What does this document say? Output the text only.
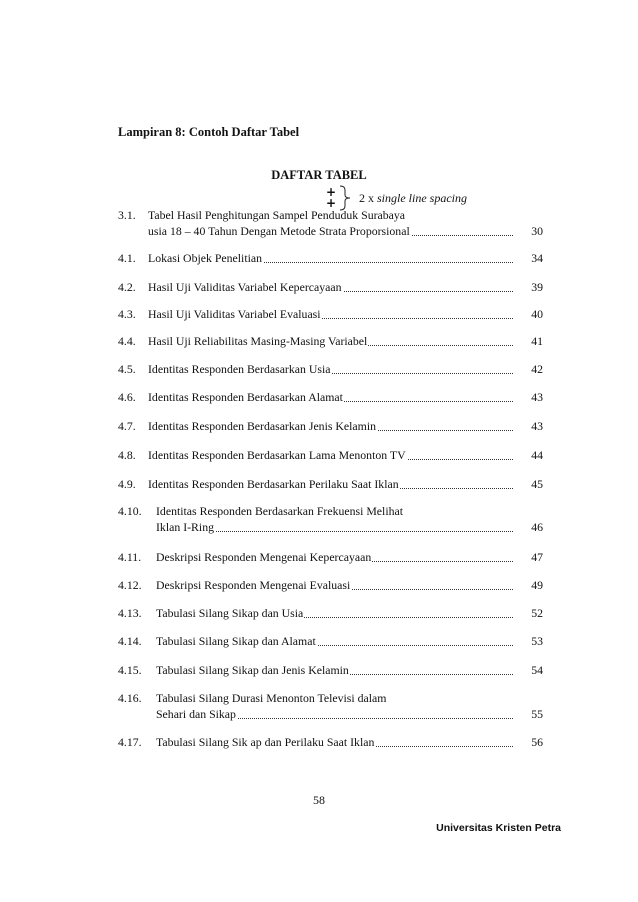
Lampiran 8: Contoh Daftar Tabel
DAFTAR TABEL
+
+ 2 x single line spacing
3.1. Tabel Hasil Penghitungan Sampel Penduduk Surabaya
usia 18 – 40 Tahun Dengan Metode Strata Proporsional	30
4.1. Lokasi Objek Penelitian	34
4.2. Hasil Uji Validitas Variabel Kepercayaan	39
4.3. Hasil Uji Validitas Variabel Evaluasi	40
4.4. Hasil Uji Reliabilitas Masing-Masing Variabel	41
4.5. Identitas Responden Berdasarkan Usia	42
4.6. Identitas Responden Berdasarkan Alamat	43
4.7. Identitas Responden Berdasarkan Jenis Kelamin	43
4.8. Identitas Responden Berdasarkan Lama Menonton TV	44
4.9. Identitas Responden Berdasarkan Perilaku Saat Iklan	45
4.10. Identitas Responden Berdasarkan Frekuensi Melihat
Iklan I-Ring	46
4.11. Deskripsi Responden Mengenai Kepercayaan	47
4.12. Deskripsi Responden Mengenai Evaluasi	49
4.13. Tabulasi Silang Sikap dan Usia	52
4.14. Tabulasi Silang Sikap dan Alamat	53
4.15. Tabulasi Silang Sikap dan Jenis Kelamin	54
4.16. Tabulasi Silang Durasi Menonton Televisi dalam
Sehari dan Sikap	55
4.17. Tabulasi Silang Sik ap dan Perilaku Saat Iklan	56
58
Universitas Kristen Petra
